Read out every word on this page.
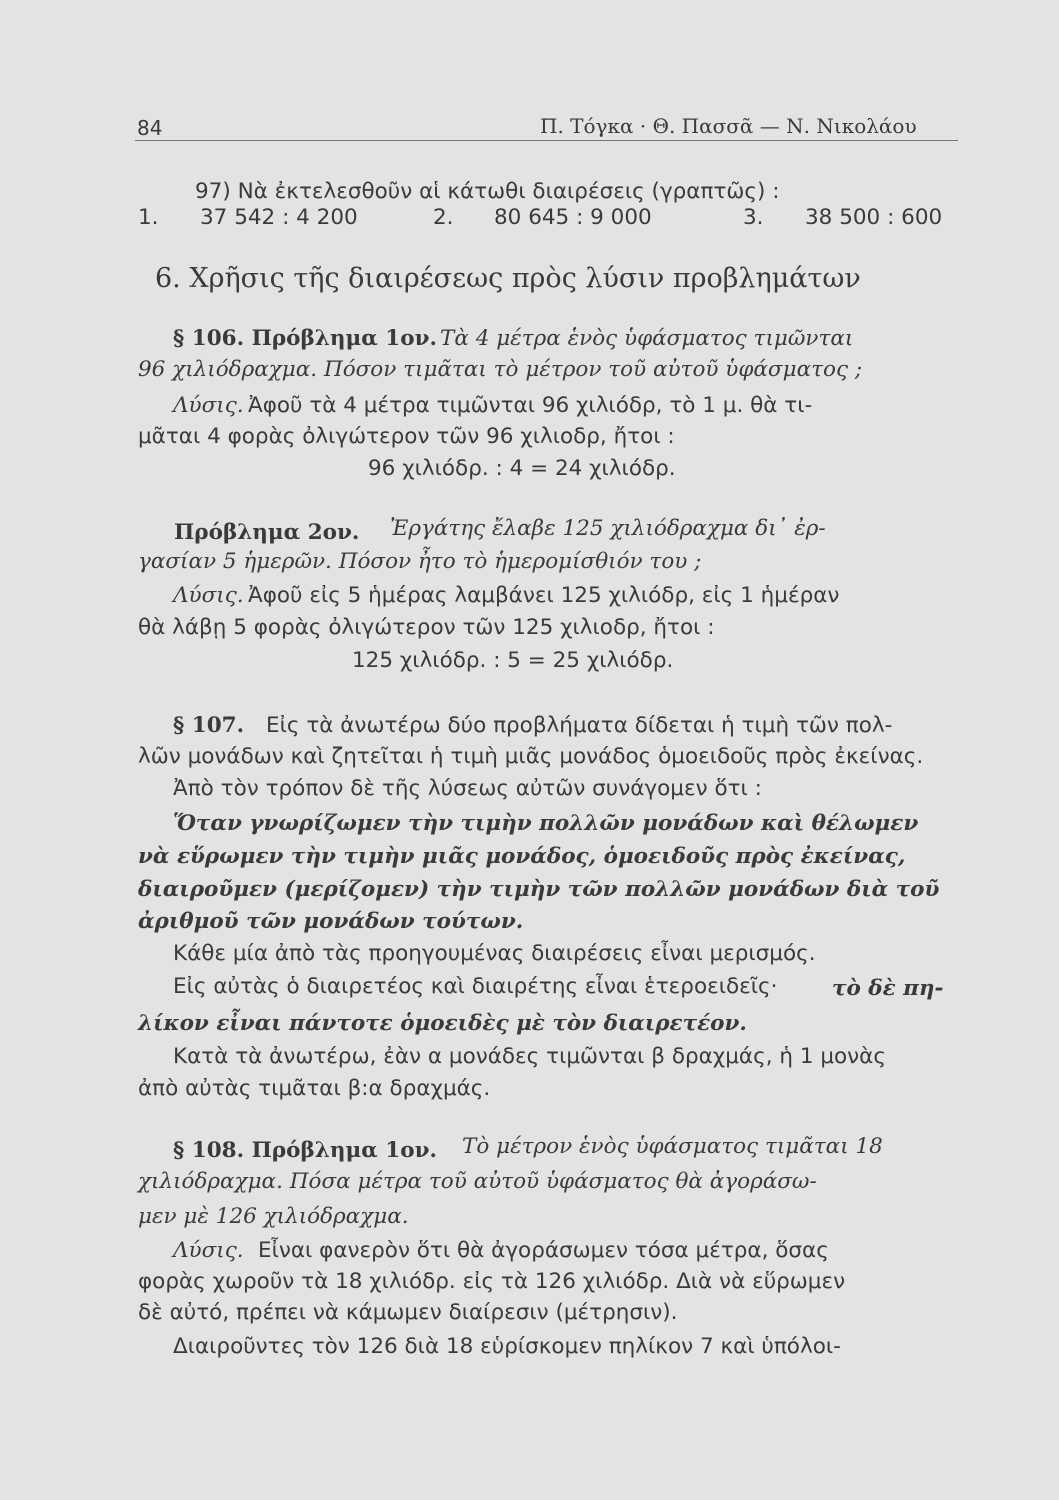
84	Π. Τόγκα · Θ. Πασσᾶ — Ν. Νικολάου
97) Νὰ ἐκτελεσθοῦν αἱ κάτωθι διαιρέσεις (γραπτῶς) :
1. 37 542 : 4 200	2. 80 645 : 9 000	3. 38 500 : 600
6. Χρῆσις τῆς διαιρέσεως πρὸς λύσιν προβλημάτων
§ 106. Πρόβλημα 1ον. Τὰ 4 μέτρα ἑνὸς ὑφάσματος τιμῶνται
96 χιλιόδραχμα. Πόσον τιμᾶται τὸ μέτρον τοῦ αὐτοῦ ὑφάσματος ;
Λύσις. Ἀφοῦ τὰ 4 μέτρα τιμῶνται 96 χιλιόδρ, τὸ 1 μ. θὰ τι-
μᾶται 4 φορὰς ὀλιγώτερον τῶν 96 χιλιοδρ, ἤτοι :
96 χιλιόδρ. : 4 = 24 χιλιόδρ.
Πρόβλημα 2ον. Ἐργάτης ἔλαβε 125 χιλιόδραχμα δι᾿ ἐρ-
γασίαν 5 ἡμερῶν. Πόσον ἦτο τὸ ἡμερομίσθιόν του ;
Λύσις. Ἀφοῦ εἰς 5 ἡμέρας λαμβάνει 125 χιλιόδρ, εἰς 1 ἡμέραν
θὰ λάβῃ 5 φορὰς ὀλιγώτερον τῶν 125 χιλιοδρ, ἤτοι :
125 χιλιόδρ. : 5 = 25 χιλιόδρ.
§ 107. Εἰς τὰ ἀνωτέρω δύο προβλήματα δίδεται ἡ τιμὴ τῶν πολ-
λῶν μονάδων καὶ ζητεῖται ἡ τιμὴ μιᾶς μονάδος ὁμοειδοῦς πρὸς ἐκείνας.
Ἀπὸ τὸν τρόπον δὲ τῆς λύσεως αὐτῶν συνάγομεν ὅτι :
Ὅταν γνωρίζωμεν τὴν τιμὴν πολλῶν μονάδων καὶ θέλωμεν
νὰ εὕρωμεν τὴν τιμὴν μιᾶς μονάδος, ὁμοειδοῦς πρὸς ἐκείνας,
διαιροῦμεν (μερίζομεν) τὴν τιμὴν τῶν πολλῶν μονάδων διὰ τοῦ
ἀριθμοῦ τῶν μονάδων τούτων.
Κάθε μία ἀπὸ τὰς προηγουμένας διαιρέσεις εἶναι μερισμός.
Εἰς αὐτὰς ὁ διαιρετέος καὶ διαιρέτης εἶναι ἑτεροειδεῖς·	τὸ δὲ πη-
λίκον εἶναι πάντοτε ὁμοειδὲς μὲ τὸν διαιρετέον.
Κατὰ τὰ ἀνωτέρω, ἐὰν α μονάδες τιμῶνται β δραχμάς, ἡ 1 μονὰς
ἀπὸ αὐτὰς τιμᾶται β:α δραχμάς.
§ 108. Πρόβλημα 1ον. Τὸ μέτρον ἑνὸς ὑφάσματος τιμᾶται 18
χιλιόδραχμα. Πόσα μέτρα τοῦ αὐτοῦ ὑφάσματος θὰ ἀγοράσω-
μεν μὲ 126 χιλιόδραχμα.
Λύσις. Εἶναι φανερὸν ὅτι θὰ ἀγοράσωμεν τόσα μέτρα, ὅσας
φορὰς χωροῦν τὰ 18 χιλιόδρ. εἰς τὰ 126 χιλιόδρ. Διὰ νὰ εὕρωμεν
δὲ αὐτό, πρέπει νὰ κάμωμεν διαίρεσιν (μέτρησιν).
Διαιροῦντες τὸν 126 διὰ 18 εὑρίσκομεν πηλίκον 7 καὶ ὑπόλοι-
